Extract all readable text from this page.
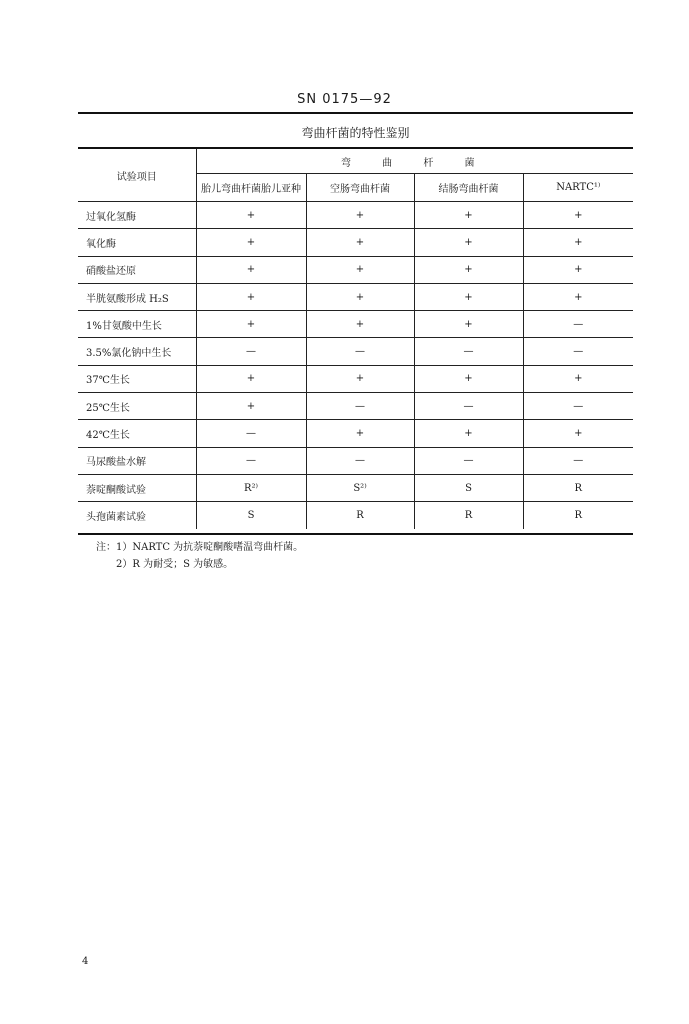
SN 0175—92
弯曲杆菌的特性鉴别
试验项目	弯 曲 杆 菌			
	胎儿弯曲杆菌胎儿亚种	空肠弯曲杆菌	结肠弯曲杆菌	NARTC¹⁾
过氧化氢酶	+	+	+	+
氧化酶	+	+	+	+
硝酸盐还原	+	+	+	+
半胱氨酸形成 H₂S	+	+	+	+
1%甘氨酸中生长	+	+	+	—
3.5%氯化钠中生长	—	—	—	—
37℃生长	+	+	+	+
25℃生长	+	—	—	—
42℃生长	—	+	+	+
马尿酸盐水解	—	—	—	—
萘啶酮酸试验	R²⁾	S²⁾	S	R
头孢菌素试验	S	R	R	R
注：1）NARTC 为抗萘啶酮酸嗜温弯曲杆菌。
2）R 为耐受；S 为敏感。
4
